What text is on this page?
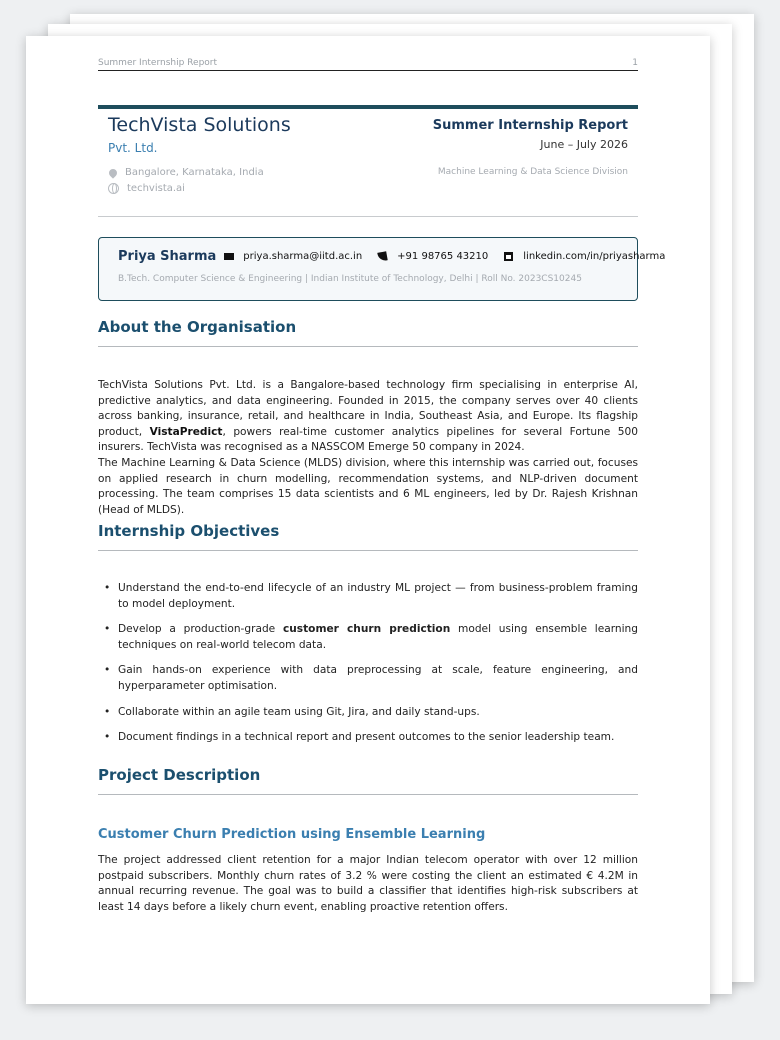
Summer Internship Report	1
TechVista Solutions
Pvt. Ltd.
Bangalore, Karnataka, India
techvista.ai
Summer Internship Report
June – July 2026
Machine Learning & Data Science Division
Priya Sharma	priya.sharma@iitd.ac.in	+91 98765 43210	linkedin.com/in/priyasharma
B.Tech. Computer Science & Engineering | Indian Institute of Technology, Delhi | Roll No. 2023CS10245
About the Organisation
TechVista Solutions Pvt. Ltd. is a Bangalore-based technology firm specialising in enterprise AI, predictive analytics, and data engineering. Founded in 2015, the company serves over 40 clients across banking, insurance, retail, and healthcare in India, Southeast Asia, and Europe. Its flagship product, VistaPredict, powers real-time customer analytics pipelines for several Fortune 500 insurers. TechVista was recognised as a NASSCOM Emerge 50 company in 2024.
The Machine Learning & Data Science (MLDS) division, where this internship was carried out, focuses on applied research in churn modelling, recommendation systems, and NLP-driven document processing. The team comprises 15 data scientists and 6 ML engineers, led by Dr. Rajesh Krishnan (Head of MLDS).
Internship Objectives
• Understand the end-to-end lifecycle of an industry ML project — from business-problem framing to model deployment.
• Develop a production-grade customer churn prediction model using ensemble learning techniques on real-world telecom data.
• Gain hands-on experience with data preprocessing at scale, feature engineering, and hyperparameter optimisation.
• Collaborate within an agile team using Git, Jira, and daily stand-ups.
• Document findings in a technical report and present outcomes to the senior leadership team.
Project Description
Customer Churn Prediction using Ensemble Learning
The project addressed client retention for a major Indian telecom operator with over 12 million postpaid subscribers. Monthly churn rates of 3.2 % were costing the client an estimated € 4.2M in annual recurring revenue. The goal was to build a classifier that identifies high-risk subscribers at least 14 days before a likely churn event, enabling proactive retention offers.
